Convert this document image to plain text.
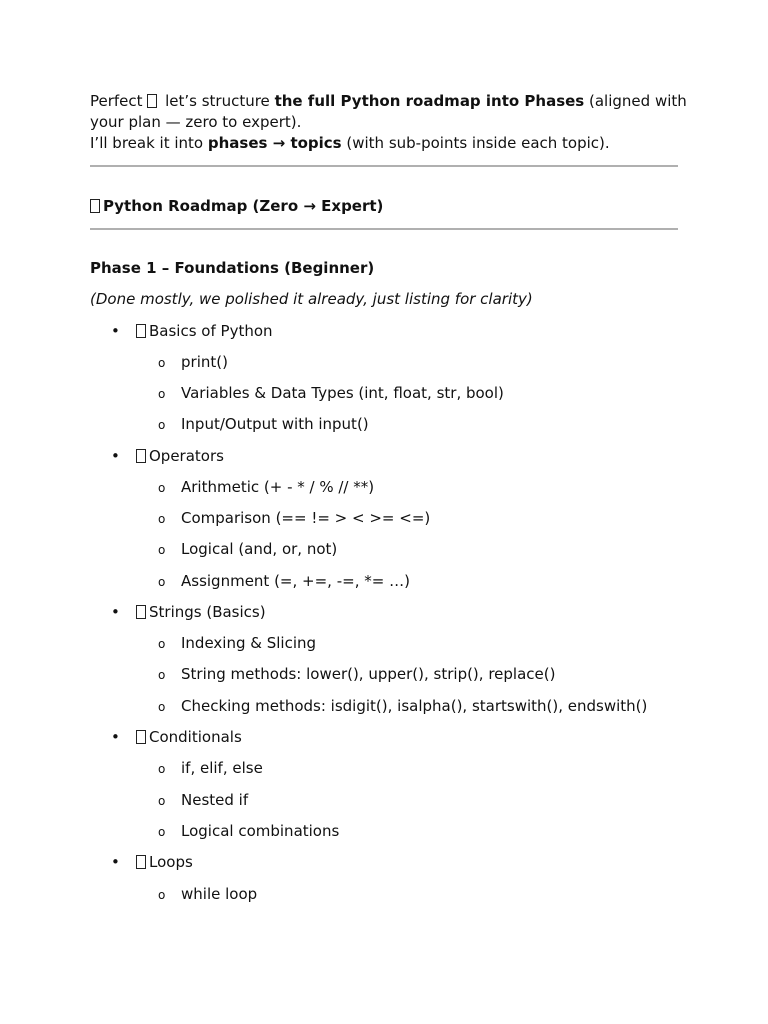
Perfect  let’s structure the full Python roadmap into Phases (aligned with your plan — zero to expert).

I’ll break it into phases → topics (with sub-points inside each topic).

Python Roadmap (Zero → Expert)
Phase 1 – Foundations (Beginner)
(Done mostly, we polished it already, just listing for clarity)
•	Basics of Python
o print()
o Variables & Data Types (int, float, str, bool)
o Input/Output with input()
•	Operators
o Arithmetic (+ - * / % // **)
o Comparison (== != > < >= <=)
o Logical (and, or, not)
o Assignment (=, +=, -=, *= …)
•	Strings (Basics)
o Indexing & Slicing
o String methods: lower(), upper(), strip(), replace()
o Checking methods: isdigit(), isalpha(), startswith(), endswith()
•	Conditionals
o if, elif, else
o Nested if
o Logical combinations
•	Loops
o while loop
